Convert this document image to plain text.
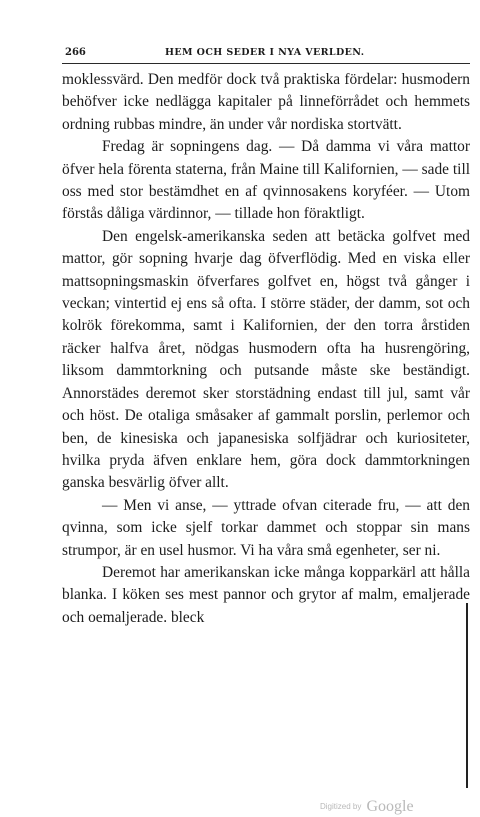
266	HEM OCH SEDER I NYA VERLDEN.

moklessvärd. Den medför dock två praktiska fördelar: husmodern behöfver icke nedlägga kapitaler på linneförrådet och hemmets ordning rubbas mindre, än under vår nordiska stortvätt.

Fredag är sopningens dag. — Då damma vi våra mattor öfver hela förenta staterna, från Maine till Kalifornien, — sade till oss med stor bestämdhet en af qvinnosakens koryféer. — Utom förstås dåliga värdinnor, — tillade hon föraktligt.

Den engelsk-amerikanska seden att betäcka golfvet med mattor, gör sopning hvarje dag öfverflödig. Med en viska eller mattsopningsmaskin öfverfares golfvet en, högst två gånger i veckan; vintertid ej ens så ofta. I större städer, der damm, sot och kolrök förekomma, samt i Kalifornien, der den torra årstiden räcker halfva året, nödgas husmodern ofta ha husrengöring, liksom dammtorkning och putsande måste ske beständigt. Annorstädes deremot sker storstädning endast till jul, samt vår och höst. De otaliga småsaker af gammalt porslin, perlemor och ben, de kinesiska och japanesiska solfjädrar och kuriositeter, hvilka pryda äfven enklare hem, göra dock dammtorkningen ganska besvärlig öfver allt.

— Men vi anse, — yttrade ofvan citerade fru, — att den qvinna, som icke sjelf torkar dammet och stoppar sin mans strumpor, är en usel husmor. Vi ha våra små egenheter, ser ni.

Deremot har amerikanskan icke många kopparkärl att hålla blanka. I köken ses mest pannor och grytor af malm, emaljerade och oemaljerade. bleck

Digitized by Google
